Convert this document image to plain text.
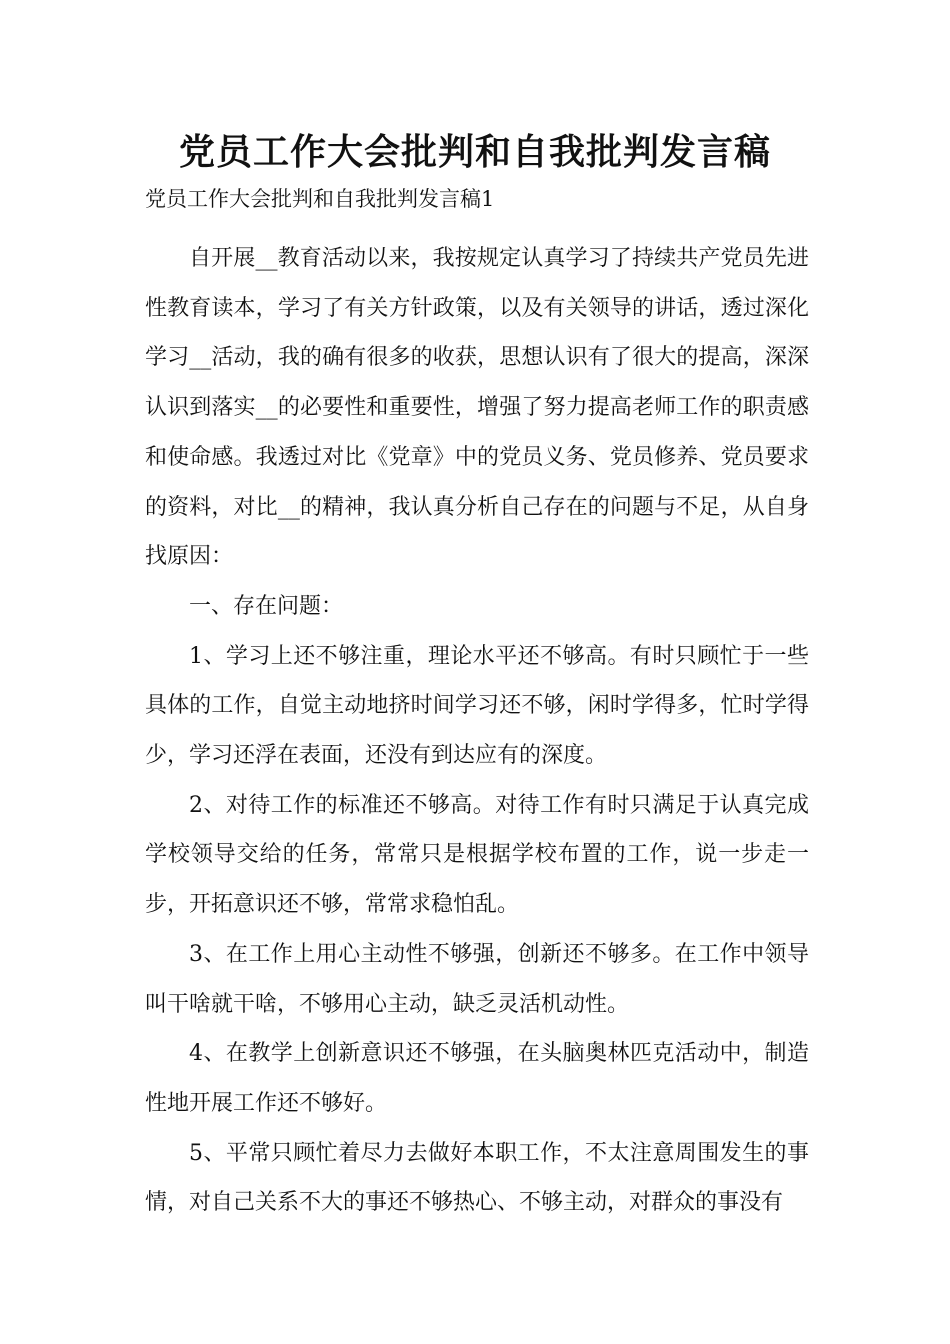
党员工作大会批判和自我批判发言稿
党员工作大会批判和自我批判发言稿1

自开展__教育活动以来，我按规定认真学习了持续共产党员先进性教育读本，学习了有关方针政策，以及有关领导的讲话，透过深化学习__活动，我的确有很多的收获，思想认识有了很大的提高，深深认识到落实__的必要性和重要性，增强了努力提高老师工作的职责感和使命感。我透过对比《党章》中的党员义务、党员修养、党员要求的资料，对比__的精神，我认真分析自己存在的问题与不足，从自身找原因：

一、存在问题：

1、学习上还不够注重，理论水平还不够高。有时只顾忙于一些具体的工作，自觉主动地挤时间学习还不够，闲时学得多，忙时学得少，学习还浮在表面，还没有到达应有的深度。

2、对待工作的标准还不够高。对待工作有时只满足于认真完成学校领导交给的任务，常常只是根据学校布置的工作，说一步走一步，开拓意识还不够，常常求稳怕乱。

3、在工作上用心主动性不够强，创新还不够多。在工作中领导叫干啥就干啥，不够用心主动，缺乏灵活机动性。

4、在教学上创新意识还不够强，在头脑奥林匹克活动中，制造性地开展工作还不够好。

5、平常只顾忙着尽力去做好本职工作，不太注意周围发生的事情，对自己关系不大的事还不够热心、不够主动，对群众的事没有
